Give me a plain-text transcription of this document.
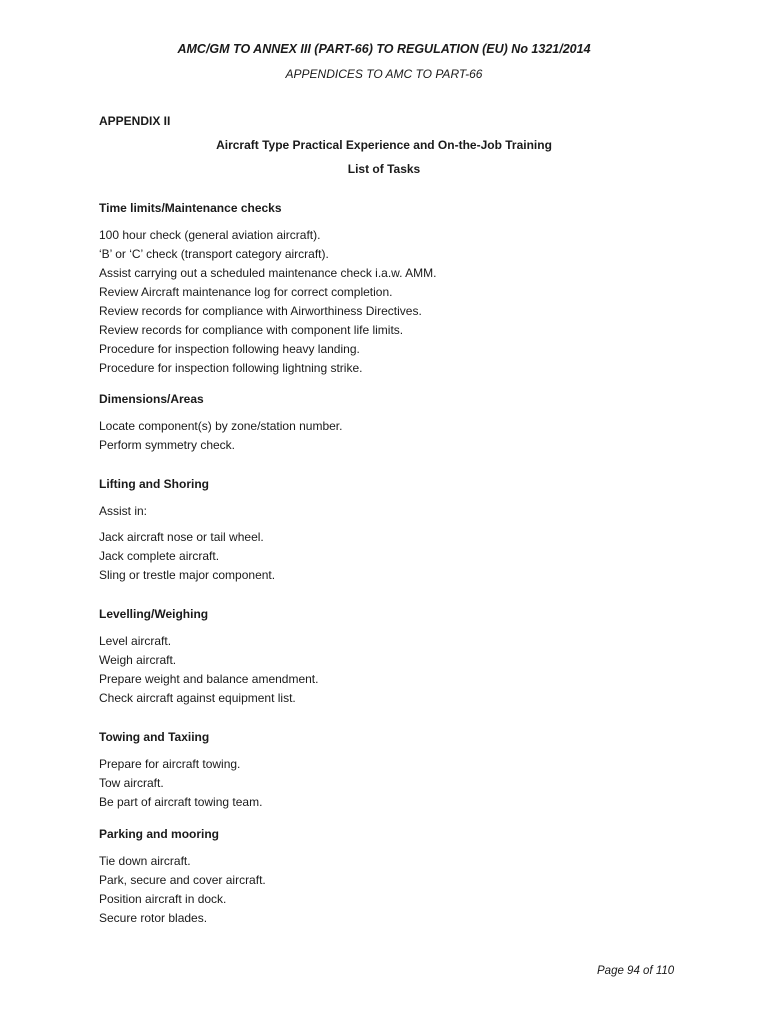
AMC/GM TO ANNEX III (PART-66) TO REGULATION (EU) No 1321/2014
APPENDICES TO AMC TO PART-66
APPENDIX II
Aircraft Type Practical Experience and On-the-Job Training
List of Tasks
Time limits/Maintenance checks
100 hour check (general aviation aircraft).
‘B’ or ‘C’ check (transport category aircraft).
Assist carrying out a scheduled maintenance check i.a.w. AMM.
Review Aircraft maintenance log for correct completion.
Review records for compliance with Airworthiness Directives.
Review records for compliance with component life limits.
Procedure for inspection following heavy landing.
Procedure for inspection following lightning strike.
Dimensions/Areas
Locate component(s) by zone/station number.
Perform symmetry check.
Lifting and Shoring
Assist in:
Jack aircraft nose or tail wheel.
Jack complete aircraft.
Sling or trestle major component.
Levelling/Weighing
Level aircraft.
Weigh aircraft.
Prepare weight and balance amendment.
Check aircraft against equipment list.
Towing and Taxiing
Prepare for aircraft towing.
Tow aircraft.
Be part of aircraft towing team.
Parking and mooring
Tie down aircraft.
Park, secure and cover aircraft.
Position aircraft in dock.
Secure rotor blades.
Page 94 of 110
